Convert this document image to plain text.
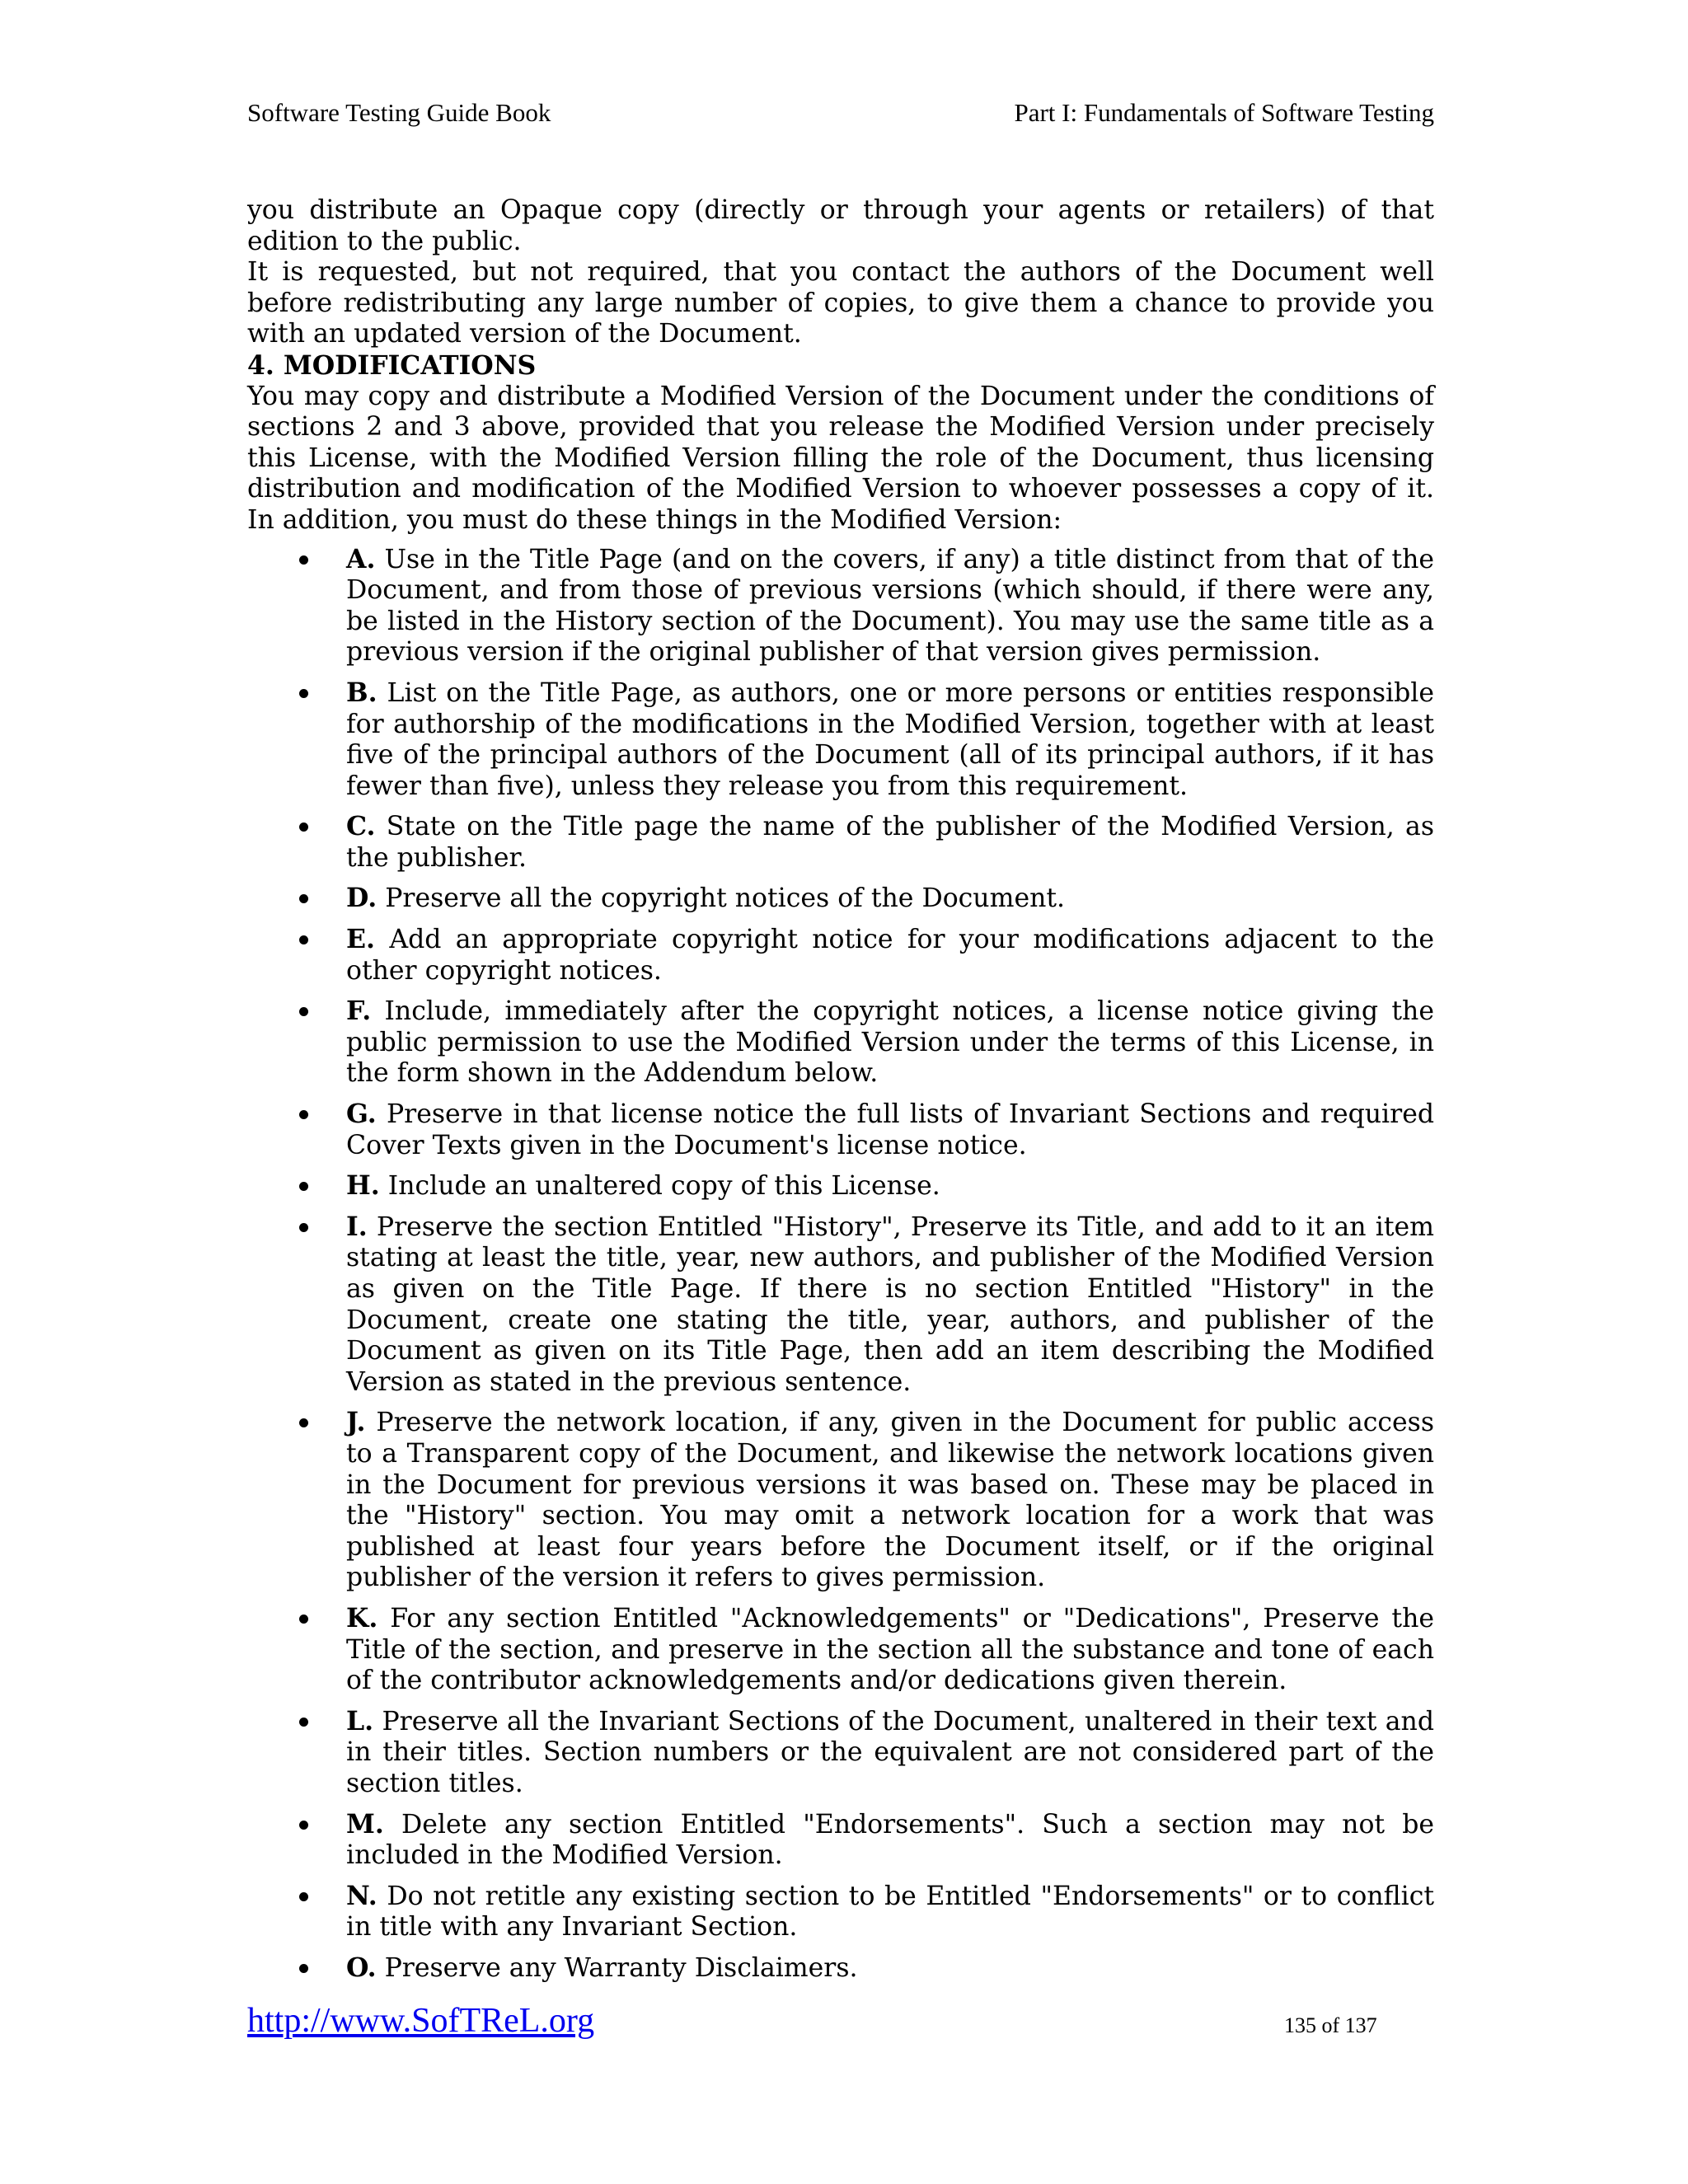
Software Testing Guide Book	Part I: Fundamentals of Software Testing

you distribute an Opaque copy (directly or through your agents or retailers) of that edition to the public.

It is requested, but not required, that you contact the authors of the Document well before redistributing any large number of copies, to give them a chance to provide you with an updated version of the Document.

4. MODIFICATIONS

You may copy and distribute a Modified Version of the Document under the conditions of sections 2 and 3 above, provided that you release the Modified Version under precisely this License, with the Modified Version filling the role of the Document, thus licensing distribution and modification of the Modified Version to whoever possesses a copy of it. In addition, you must do these things in the Modified Version:

A. Use in the Title Page (and on the covers, if any) a title distinct from that of the Document, and from those of previous versions (which should, if there were any, be listed in the History section of the Document). You may use the same title as a previous version if the original publisher of that version gives permission.
B. List on the Title Page, as authors, one or more persons or entities responsible for authorship of the modifications in the Modified Version, together with at least five of the principal authors of the Document (all of its principal authors, if it has fewer than five), unless they release you from this requirement.
C. State on the Title page the name of the publisher of the Modified Version, as the publisher.
D. Preserve all the copyright notices of the Document.
E. Add an appropriate copyright notice for your modifications adjacent to the other copyright notices.
F. Include, immediately after the copyright notices, a license notice giving the public permission to use the Modified Version under the terms of this License, in the form shown in the Addendum below.
G. Preserve in that license notice the full lists of Invariant Sections and required Cover Texts given in the Document's license notice.
H. Include an unaltered copy of this License.
I. Preserve the section Entitled "History", Preserve its Title, and add to it an item stating at least the title, year, new authors, and publisher of the Modified Version as given on the Title Page. If there is no section Entitled "History" in the Document, create one stating the title, year, authors, and publisher of the Document as given on its Title Page, then add an item describing the Modified Version as stated in the previous sentence.
J. Preserve the network location, if any, given in the Document for public access to a Transparent copy of the Document, and likewise the network locations given in the Document for previous versions it was based on. These may be placed in the "History" section. You may omit a network location for a work that was published at least four years before the Document itself, or if the original publisher of the version it refers to gives permission.
K. For any section Entitled "Acknowledgements" or "Dedications", Preserve the Title of the section, and preserve in the section all the substance and tone of each of the contributor acknowledgements and/or dedications given therein.
L. Preserve all the Invariant Sections of the Document, unaltered in their text and in their titles. Section numbers or the equivalent are not considered part of the section titles.
M. Delete any section Entitled "Endorsements". Such a section may not be included in the Modified Version.
N. Do not retitle any existing section to be Entitled "Endorsements" or to conflict in title with any Invariant Section.
O. Preserve any Warranty Disclaimers.
http://www.SofTReL.org	135 of 137
